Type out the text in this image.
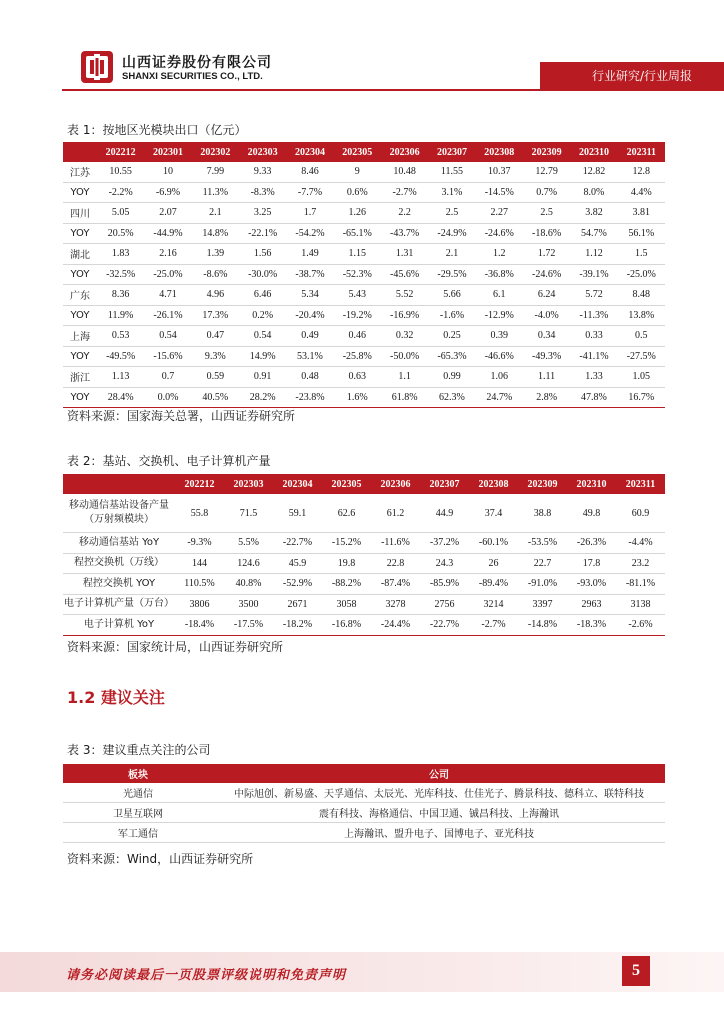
山西证券股份有限公司
SHANXI SECURITIES CO., LTD.	行业研究/行业周报
表 1：按地区光模块出口（亿元）
	202212	202301	202302	202303	202304	202305	202306	202307	202308	202309	202310	202311
江苏	10.55	10	7.99	9.33	8.46	9	10.48	11.55	10.37	12.79	12.82	12.8
YOY	-2.2%	-6.9%	11.3%	-8.3%	-7.7%	0.6%	-2.7%	3.1%	-14.5%	0.7%	8.0%	4.4%
四川	5.05	2.07	2.1	3.25	1.7	1.26	2.2	2.5	2.27	2.5	3.82	3.81
YOY	20.5%	-44.9%	14.8%	-22.1%	-54.2%	-65.1%	-43.7%	-24.9%	-24.6%	-18.6%	54.7%	56.1%
湖北	1.83	2.16	1.39	1.56	1.49	1.15	1.31	2.1	1.2	1.72	1.12	1.5
YOY	-32.5%	-25.0%	-8.6%	-30.0%	-38.7%	-52.3%	-45.6%	-29.5%	-36.8%	-24.6%	-39.1%	-25.0%
广东	8.36	4.71	4.96	6.46	5.34	5.43	5.52	5.66	6.1	6.24	5.72	8.48
YOY	11.9%	-26.1%	17.3%	0.2%	-20.4%	-19.2%	-16.9%	-1.6%	-12.9%	-4.0%	-11.3%	13.8%
上海	0.53	0.54	0.47	0.54	0.49	0.46	0.32	0.25	0.39	0.34	0.33	0.5
YOY	-49.5%	-15.6%	9.3%	14.9%	53.1%	-25.8%	-50.0%	-65.3%	-46.6%	-49.3%	-41.1%	-27.5%
浙江	1.13	0.7	0.59	0.91	0.48	0.63	1.1	0.99	1.06	1.11	1.33	1.05
YOY	28.4%	0.0%	40.5%	28.2%	-23.8%	1.6%	61.8%	62.3%	24.7%	2.8%	47.8%	16.7%
资料来源：国家海关总署，山西证券研究所
表 2：基站、交换机、电子计算机产量
	202212	202303	202304	202305	202306	202307	202308	202309	202310	202311
移动通信基站设备产量（万射频模块）	55.8	71.5	59.1	62.6	61.2	44.9	37.4	38.8	49.8	60.9
移动通信基站 YoY	-9.3%	5.5%	-22.7%	-15.2%	-11.6%	-37.2%	-60.1%	-53.5%	-26.3%	-4.4%
程控交换机（万线）	144	124.6	45.9	19.8	22.8	24.3	26	22.7	17.8	23.2
程控交换机 YOY	110.5%	40.8%	-52.9%	-88.2%	-87.4%	-85.9%	-89.4%	-91.0%	-93.0%	-81.1%
电子计算机产量（万台）	3806	3500	2671	3058	3278	2756	3214	3397	2963	3138
电子计算机 YoY	-18.4%	-17.5%	-18.2%	-16.8%	-24.4%	-22.7%	-2.7%	-14.8%	-18.3%	-2.6%
资料来源：国家统计局，山西证券研究所
1.2 建议关注
表 3：建议重点关注的公司
板块	公司
光通信	中际旭创、新易盛、天孚通信、太辰光、光库科技、仕佳光子、腾景科技、德科立、联特科技
卫星互联网	震有科技、海格通信、中国卫通、铖昌科技、上海瀚讯
军工通信	上海瀚讯、盟升电子、国博电子、亚光科技
资料来源：Wind，山西证券研究所
请务必阅读最后一页股票评级说明和免责声明	5
